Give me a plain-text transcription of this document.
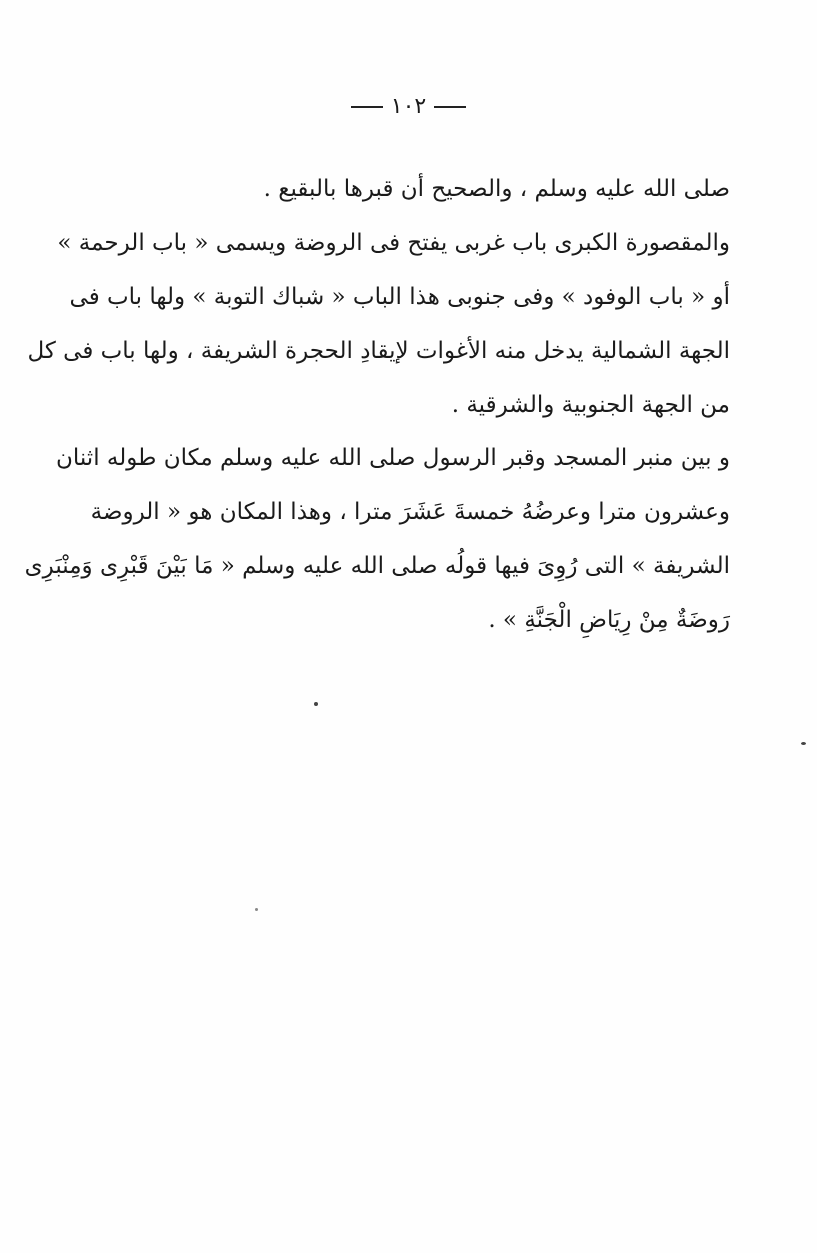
١٠٢
صلى الله عليه وسلم ، والصحيح أن قبرها بالبقيع .
والمقصورة الكبرى باب غربى يفتح فى الروضة ويسمى « باب الرحمة »
أو « باب الوفود » وفى جنوبى هذا الباب « شباك التوبة » ولها باب فى
الجهة الشمالية يدخل منه الأغوات لإيقادِ الحجرة الشريفة ، ولها باب فى كل
من الجهة الجنوبية والشرقية .
و بين منبر المسجد وقبر الرسول صلى الله عليه وسلم مكان طوله اثنان
وعشرون مترا وعرضُهُ خمسةَ عَشَرَ مترا ، وهذا المكان هو « الروضة
الشريفة » التى رُوِىَ فيها قولُه صلى الله عليه وسلم « مَا بَيْنَ قَبْرِى وَمِنْبَرِى
رَوضَةٌ مِنْ رِيَاضِ الْجَنَّةِ » .
